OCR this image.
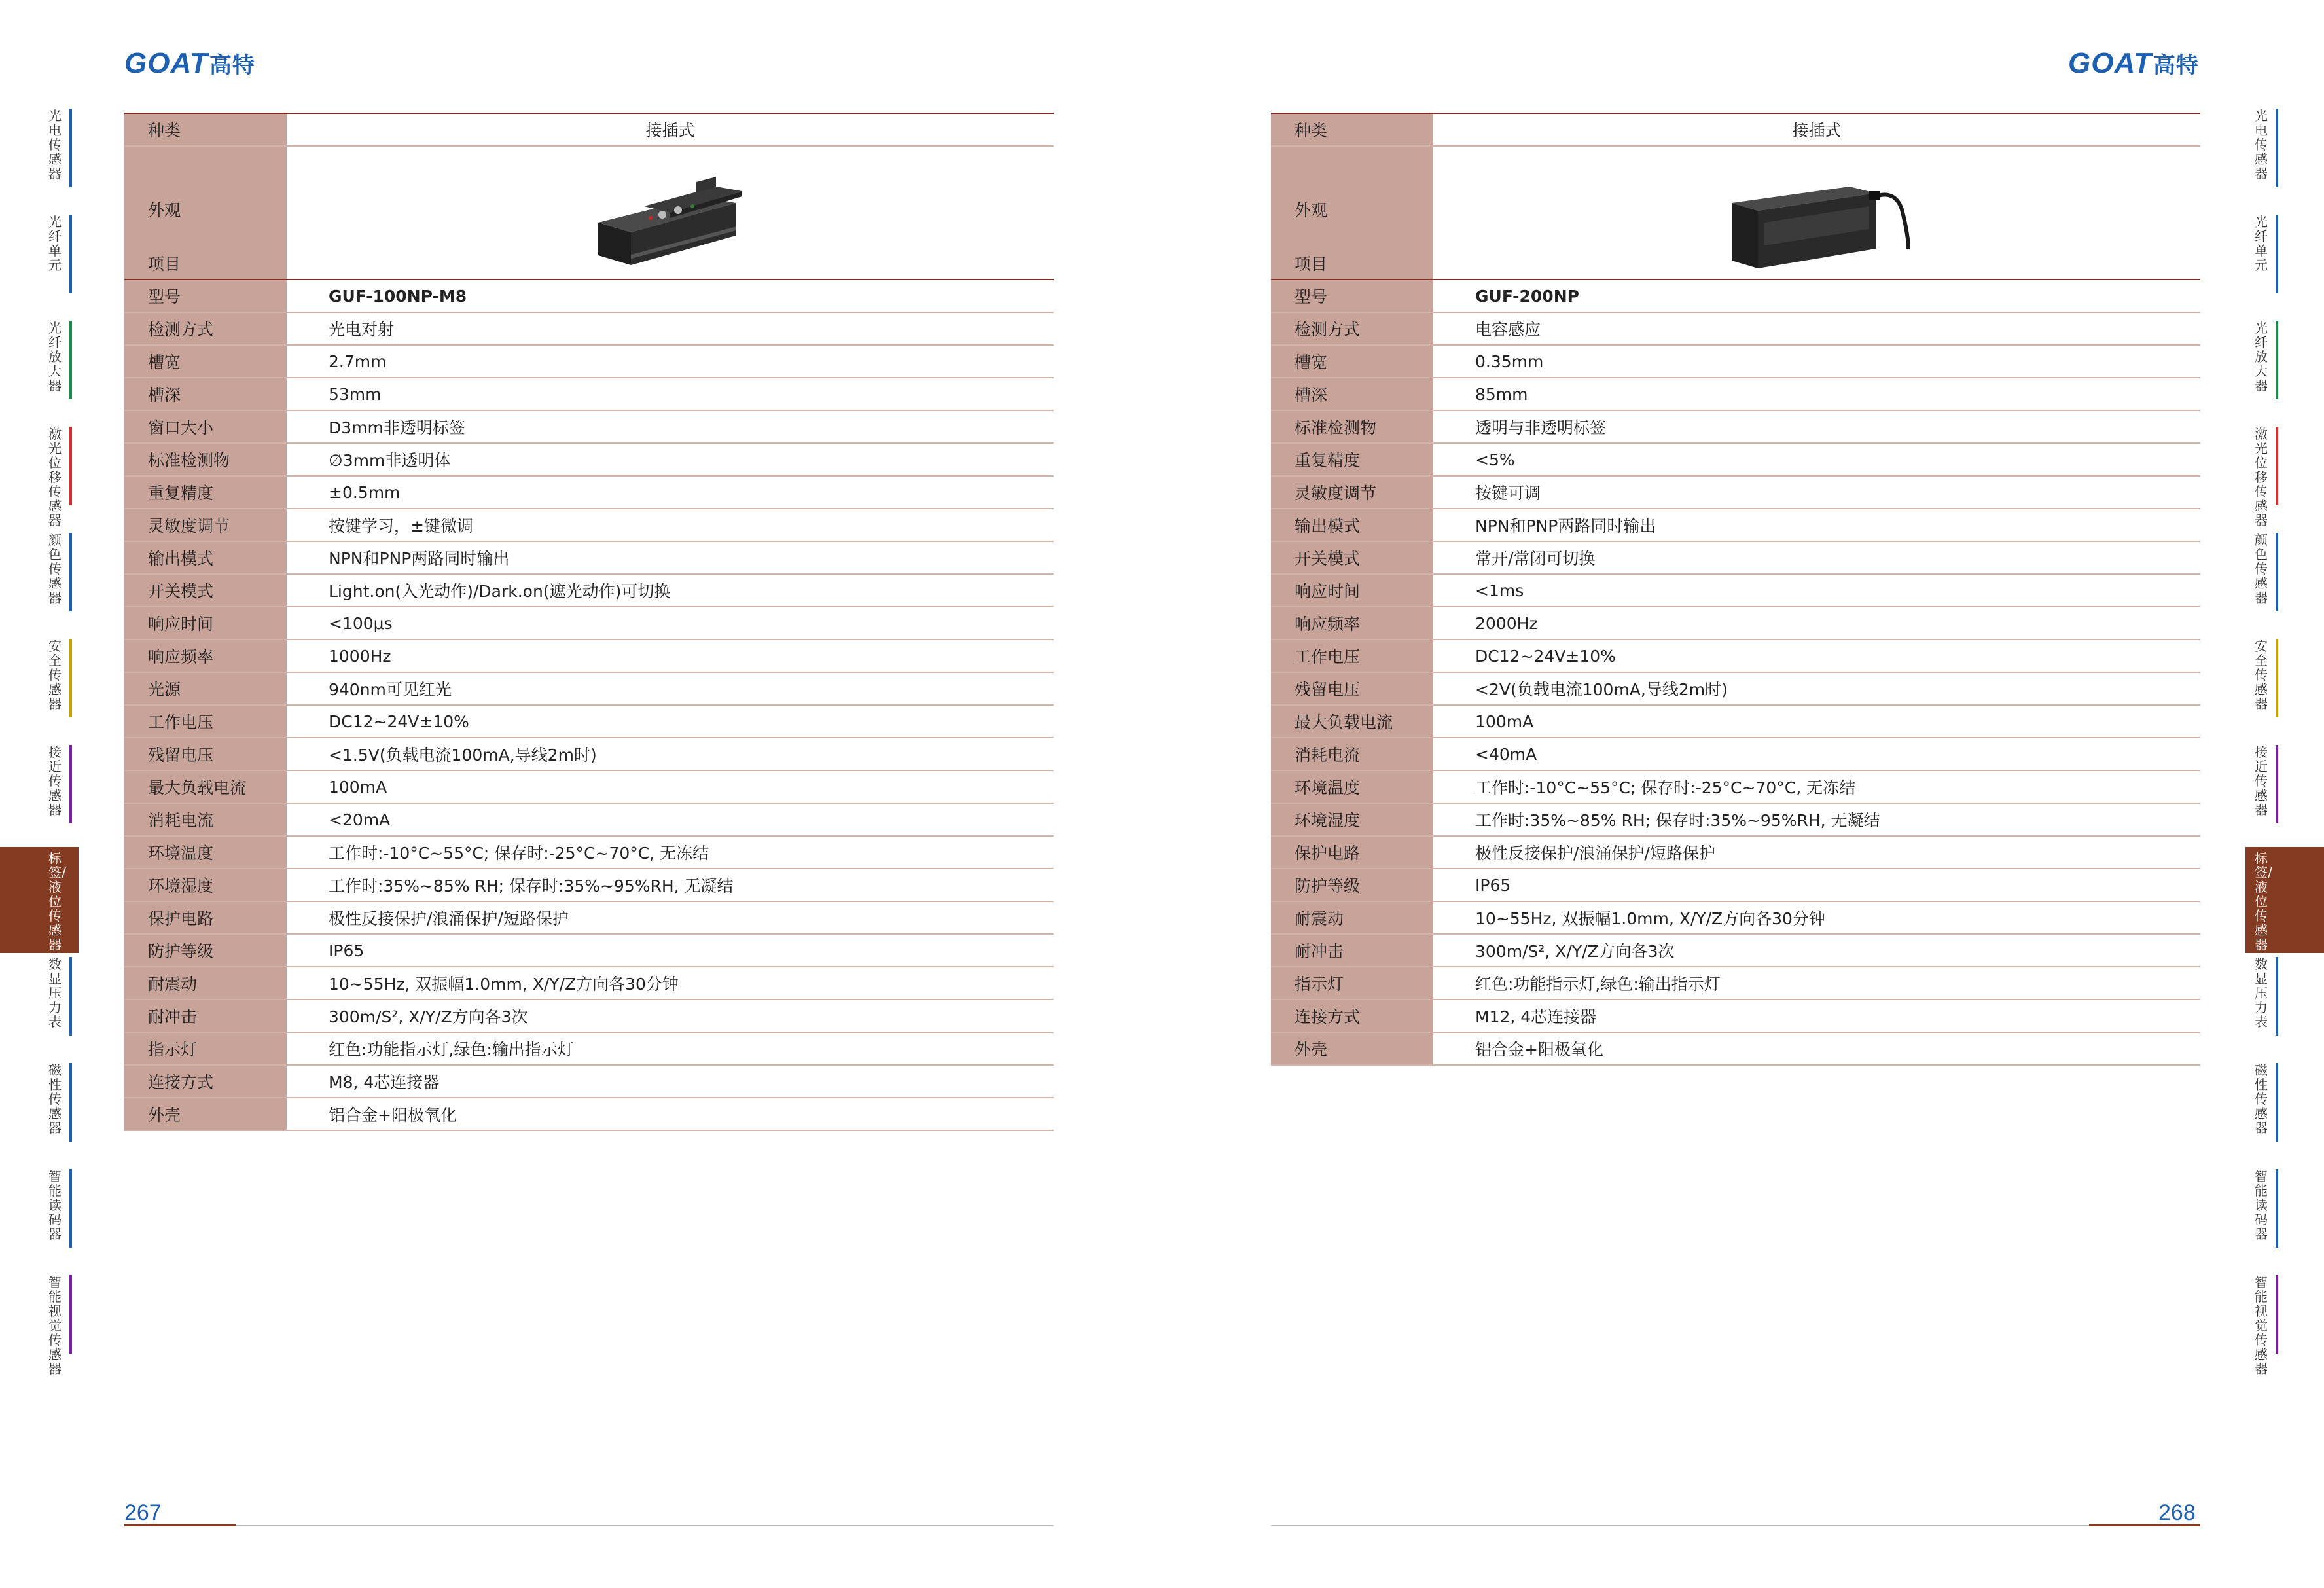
GOAT高特	GOAT高特
光电传感器
光纤单元
光纤放大器
激光位移传感器
颜色传感器
安全传感器
接近传感器
标签/液位传感器
数显压力表
磁性传感器
智能读码器
智能视觉传感器
光电传感器
光纤单元
光纤放大器
激光位移传感器
颜色传感器
安全传感器
接近传感器
标签/液位传感器
数显压力表
磁性传感器
智能读码器
智能视觉传感器
种类	接插式
外观
项目
型号	GUF-100NP-M8
检测方式	光电对射
槽宽	2.7mm
槽深	53mm
窗口大小	D3mm非透明标签
标准检测物	∅3mm非透明体
重复精度	±0.5mm
灵敏度调节	按键学习，±键微调
输出模式	NPN和PNP两路同时输出
开关模式	Light.on(入光动作)/Dark.on(遮光动作)可切换
响应时间	<100μs
响应频率	1000Hz
光源	940nm可见红光
工作电压	DC12~24V±10%
残留电压	<1.5V(负载电流100mA,导线2m时)
最大负载电流	100mA
消耗电流	<20mA
环境温度	工作时:-10°C~55°C; 保存时:-25°C~70°C, 无冻结
环境湿度	工作时:35%~85% RH; 保存时:35%~95%RH, 无凝结
保护电路	极性反接保护/浪涌保护/短路保护
防护等级	IP65
耐震动	10~55Hz, 双振幅1.0mm, X/Y/Z方向各30分钟
耐冲击	300m/S², X/Y/Z方向各3次
指示灯	红色:功能指示灯,绿色:输出指示灯
连接方式	M8, 4芯连接器
外壳	铝合金+阳极氧化
种类	接插式
外观
项目
型号	GUF-200NP
检测方式	电容感应
槽宽	0.35mm
槽深	85mm
标准检测物	透明与非透明标签
重复精度	<5%
灵敏度调节	按键可调
输出模式	NPN和PNP两路同时输出
开关模式	常开/常闭可切换
响应时间	<1ms
响应频率	2000Hz
工作电压	DC12~24V±10%
残留电压	<2V(负载电流100mA,导线2m时)
最大负载电流	100mA
消耗电流	<40mA
环境温度	工作时:-10°C~55°C; 保存时:-25°C~70°C, 无冻结
环境湿度	工作时:35%~85% RH; 保存时:35%~95%RH, 无凝结
保护电路	极性反接保护/浪涌保护/短路保护
防护等级	IP65
耐震动	10~55Hz, 双振幅1.0mm, X/Y/Z方向各30分钟
耐冲击	300m/S², X/Y/Z方向各3次
指示灯	红色:功能指示灯,绿色:输出指示灯
连接方式	M12, 4芯连接器
外壳	铝合金+阳极氧化
267	268
